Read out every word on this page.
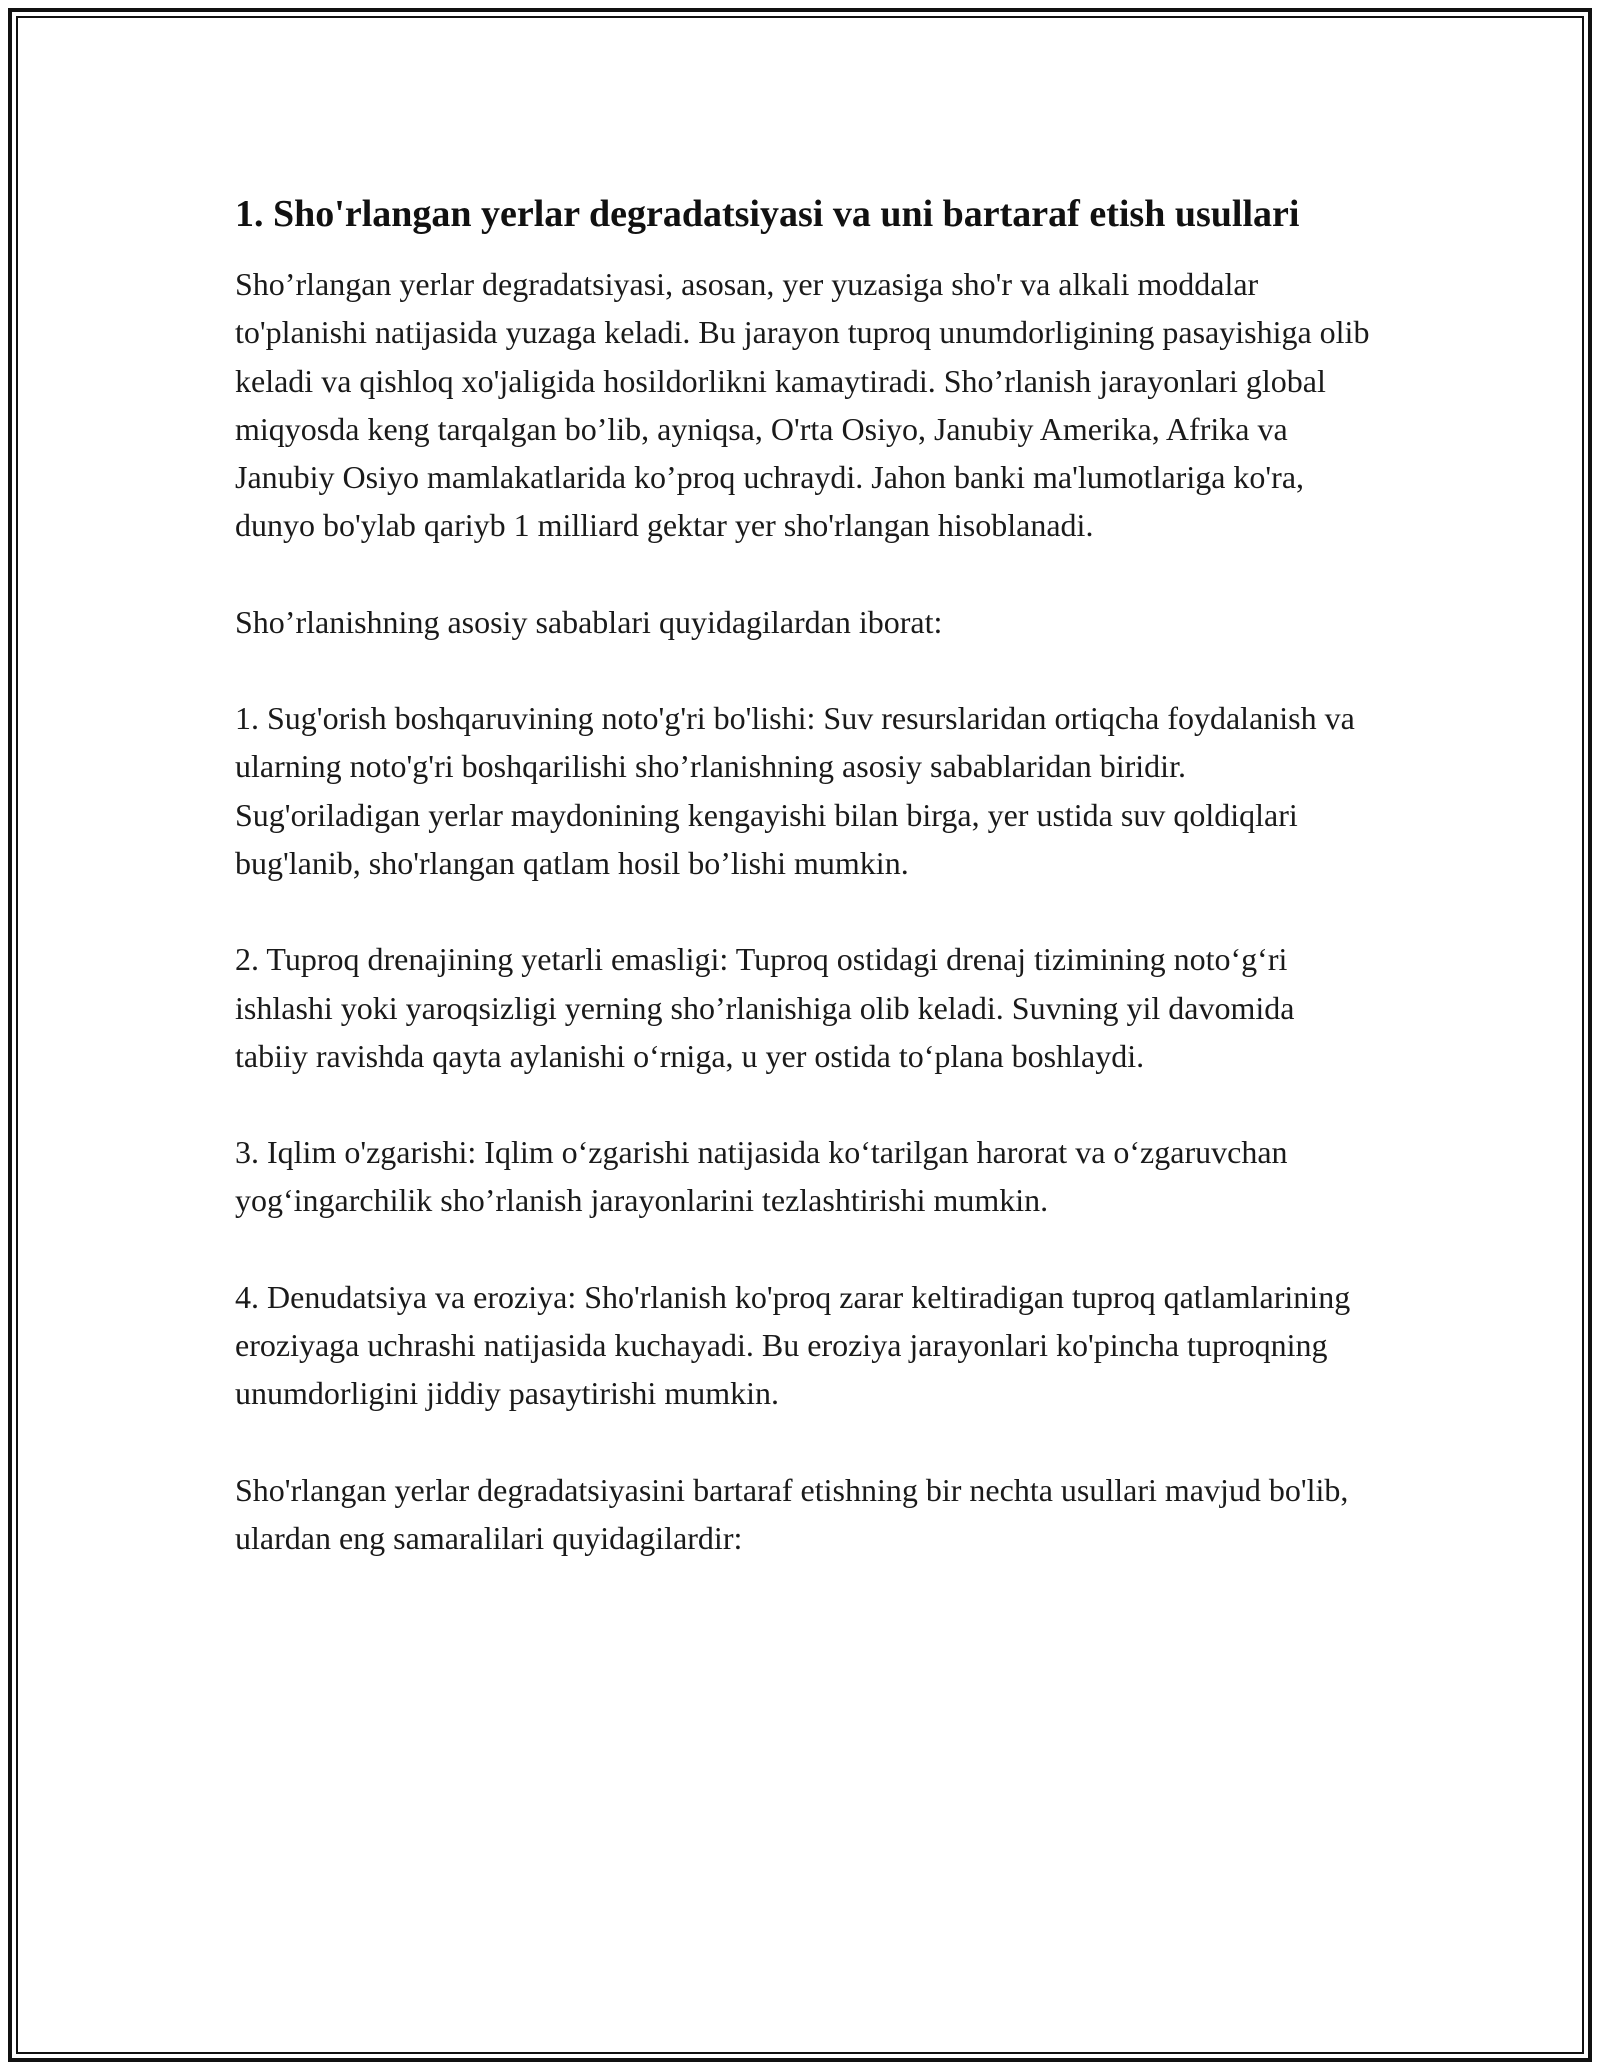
1. Sho'rlangan yerlar degradatsiyasi va uni bartaraf etish usullari

Sho’rlangan yerlar degradatsiyasi, asosan, yer yuzasiga sho'r va alkali moddalar to'planishi natijasida yuzaga keladi. Bu jarayon tuproq unumdorligining pasayishiga olib keladi va qishloq xo'jaligida hosildorlikni kamaytiradi. Sho’rlanish jarayonlari global miqyosda keng tarqalgan bo’lib, ayniqsa, O'rta Osiyo, Janubiy Amerika, Afrika va Janubiy Osiyo mamlakatlarida ko’proq uchraydi. Jahon banki ma'lumotlariga ko'ra, dunyo bo'ylab qariyb 1 milliard gektar yer sho'rlangan hisoblanadi.

Sho’rlanishning asosiy sabablari quyidagilardan iborat:

1. Sug'orish boshqaruvining noto'g'ri bo'lishi: Suv resurslaridan ortiqcha foydalanish va ularning noto'g'ri boshqarilishi sho’rlanishning asosiy sabablaridan biridir. Sug'oriladigan yerlar maydonining kengayishi bilan birga, yer ustida suv qoldiqlari bug'lanib, sho'rlangan qatlam hosil bo’lishi mumkin.

2. Tuproq drenajining yetarli emasligi: Tuproq ostidagi drenaj tizimining noto‘g‘ri ishlashi yoki yaroqsizligi yerning sho’rlanishiga olib keladi. Suvning yil davomida tabiiy ravishda qayta aylanishi o‘rniga, u yer ostida to‘plana boshlaydi.

3. Iqlim o'zgarishi: Iqlim o‘zgarishi natijasida ko‘tarilgan harorat va o‘zgaruvchan yog‘ingarchilik sho’rlanish jarayonlarini tezlashtirishi mumkin.

4. Denudatsiya va eroziya: Sho'rlanish ko'proq zarar keltiradigan tuproq qatlamlarining eroziyaga uchrashi natijasida kuchayadi. Bu eroziya jarayonlari ko'pincha tuproqning unumdorligini jiddiy pasaytirishi mumkin.

Sho'rlangan yerlar degradatsiyasini bartaraf etishning bir nechta usullari mavjud bo'lib, ulardan eng samaralilari quyidagilardir:
